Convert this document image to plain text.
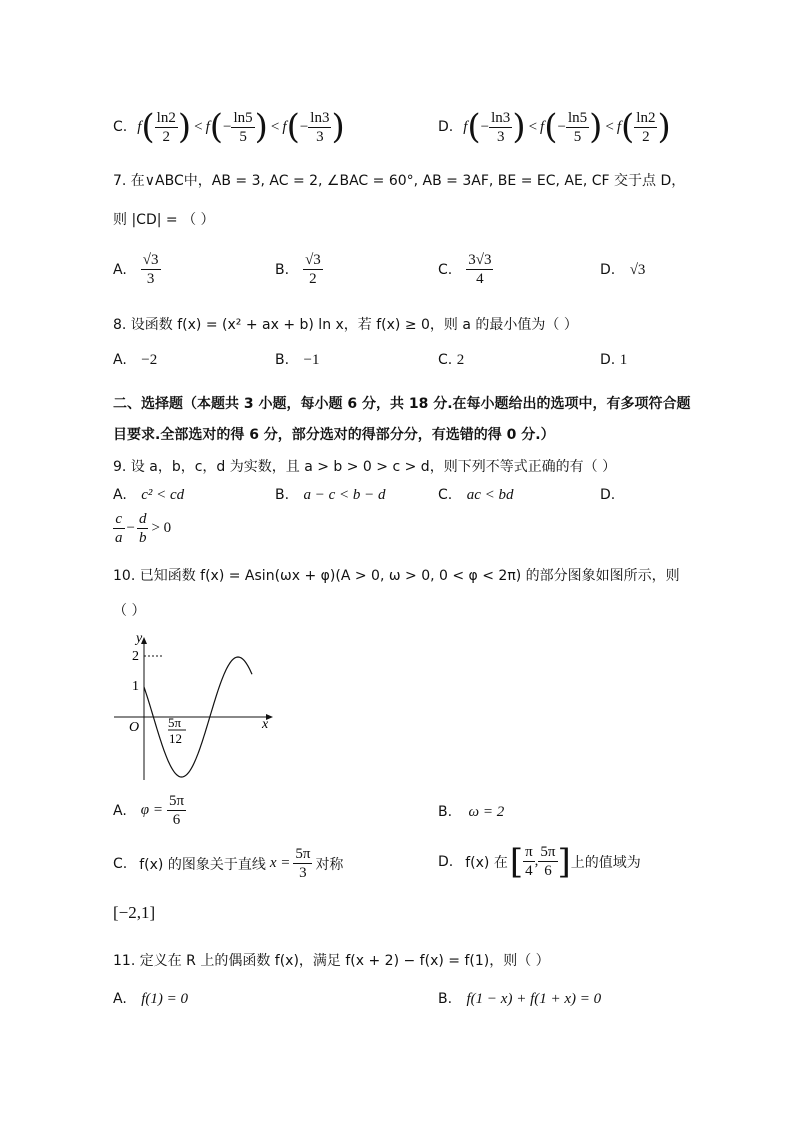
C. f ( $\frac{\ln 2}{2}$ ) < f ( − $\frac{\ln 5}{5}$ ) < f ( − $\frac{\ln 3}{3}$ )	D. f ( − $\frac{\ln 3}{3}$ ) < f ( − $\frac{\ln 5}{5}$ ) < f ( $\frac{\ln 2}{2}$ )
7. 在∨ABC中，AB = 3, AC = 2, ∠BAC = 60°, AB = 3AF, BE = EC, AE, CF 交于点 D，
则 |CD| = （ ）
A. $\frac{√3}{3}$	B. $\frac{√3}{2}$	C. $\frac{3√3}{4}$	D. √3
8. 设函数 f(x) = (x² + ax + b) ln x，若 f(x) ≥ 0，则 a 的最小值为（ ）
A. −2	B. −1	C. 2	D. 1
二、选择题（本题共 3 小题，每小题 6 分，共 18 分.在每小题给出的选项中，有多项符合题
目要求.全部选对的得 6 分，部分选对的得部分分，有选错的得 0 分.）
9. 设 a，b，c，d 为实数，且 a > b > 0 > c > d，则下列不等式正确的有（ ）
A. c² < cd	B. a − c < b − d	C. ac < bd	D.
$\frac{c}{a} - \frac{d}{b} > 0$
10. 已知函数 f(x) = Asin(ωx + φ)(A > 0, ω > 0, 0 < φ < 2π) 的部分图象如图所示，则
（ ）
y
x
O
2
1
5π
12
A. $\varphi = \frac{5\pi}{6}$	B. ω = 2
C. f(x) 的图象关于直线 $x = \frac{5\pi}{3}$ 对称	D. f(x) 在 [ $\frac{\pi}{4}$ , $\frac{5\pi}{6}$ ] 上的值域为
[−2,1]
11. 定义在 R 上的偶函数 f(x)，满足 f(x + 2) − f(x) = f(1)，则（ ）
A. f(1) = 0	B. f(1 − x) + f(1 + x) = 0
